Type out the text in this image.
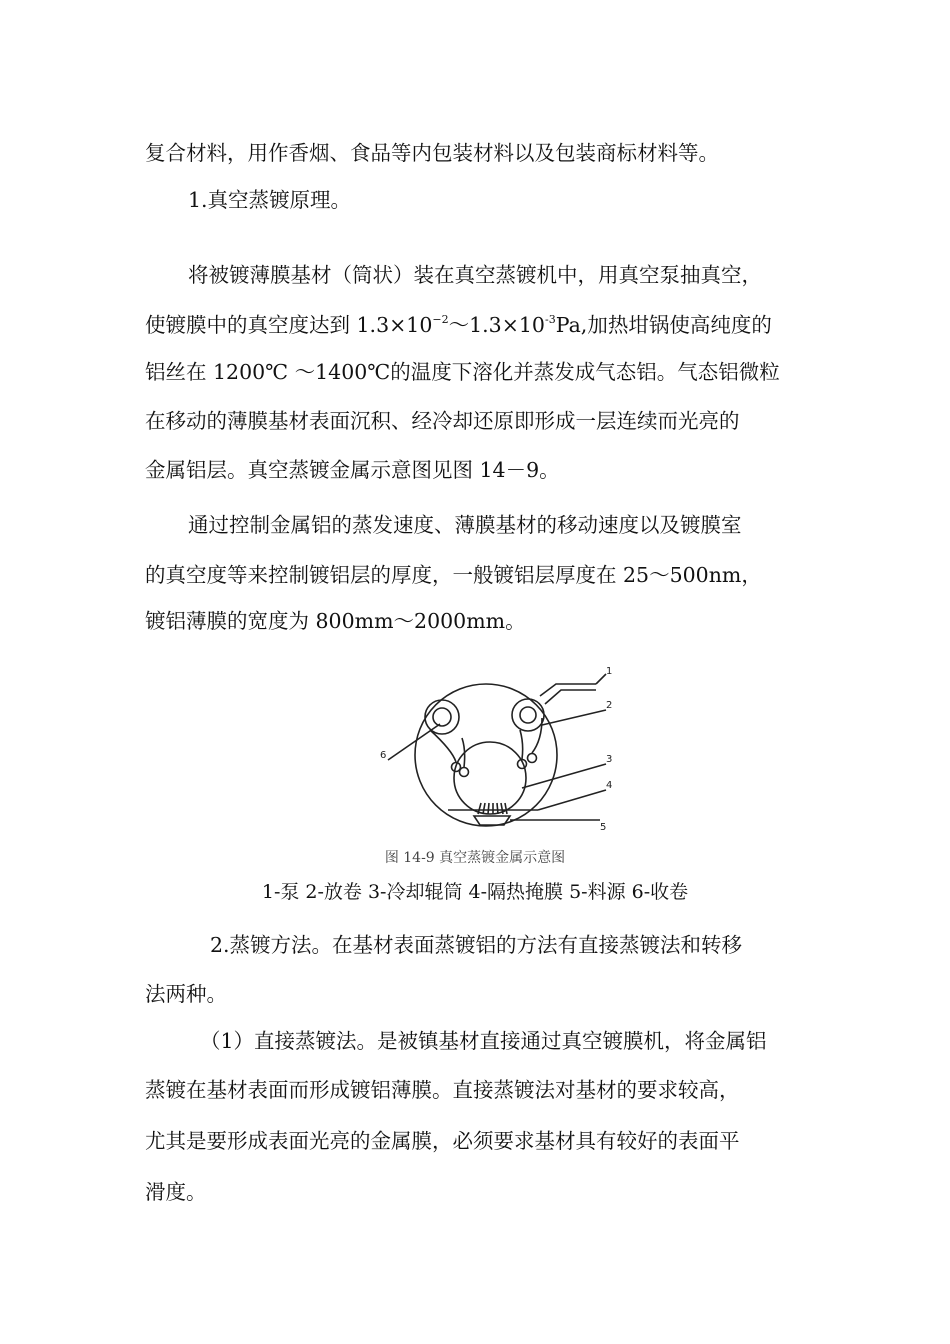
复合材料，用作香烟、食品等内包装材料以及包装商标材料等。
1.真空蒸镀原理。
将被镀薄膜基材（筒状）装在真空蒸镀机中，用真空泵抽真空，
使镀膜中的真空度达到 $1.3\times 10^{-2}\sim 1.3\times 10^{-3}Pa$,加热坩锅使高纯度的
铝丝在 1200℃ ～1400℃的温度下溶化并蒸发成气态铝。气态铝微粒
在移动的薄膜基材表面沉积、经冷却还原即形成一层连续而光亮的
金属铝层。真空蒸镀金属示意图见图 14－9。
通过控制金属铝的蒸发速度、薄膜基材的移动速度以及镀膜室
的真空度等来控制镀铝层的厚度，一般镀铝层厚度在 25～500nm，
镀铝薄膜的宽度为 800mm～2000mm。
1
2
3
4
5
6
图 14-9 真空蒸镀金属示意图
1-泵 2-放卷 3-冷却辊筒 4-隔热掩膜 5-料源 6-收卷
2.蒸镀方法。在基材表面蒸镀铝的方法有直接蒸镀法和转移
法两种。
（1）直接蒸镀法。是被镇基材直接通过真空镀膜机，将金属铝
蒸镀在基材表面而形成镀铝薄膜。直接蒸镀法对基材的要求较高，
尤其是要形成表面光亮的金属膜，必须要求基材具有较好的表面平
滑度。
